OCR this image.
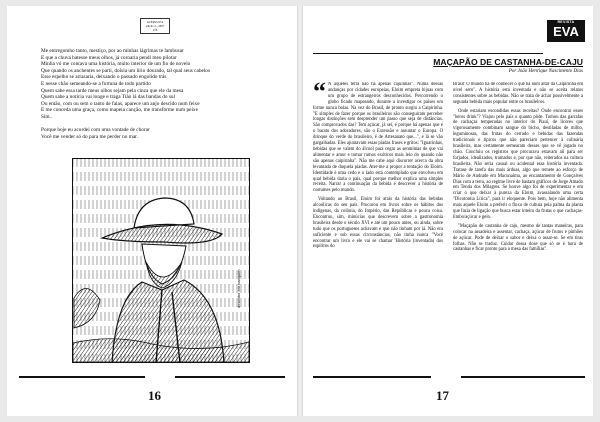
ACERVO EA
edição 2 - 2007
n°8
Me entregomho tanto, mestiço, por ao minhas lágrimas te lambusar
E que a chuva batesse meus olhos, já coroaria pendi meu pilotar
Minha vó me contava uma história, muito interior de um fio de novelo
Que quando os anchentes se parti, doîsia um lírio dourado, tal qual seus cabelos
Esse espelho se arrasaria, deixando o passado engolido trás
E nesse chão semeando-se a fortuna de todo partido
Quem sabe essa tarde meus olhos sejam pela cinza que ele da mesa
Quem sabe a notícia vai longe e traga Tião lá das bandas do sul
Ou então, com ou sem o tanto de falas, aparece um anjo descido num feixe
E me conceda uma graça, como mapeia canção, me transforme num peixe
Sim..
Porque hoje eu acordei com uma vontade de chorar
Você me vender só do para me perder no mar.
desenho em nanquim
16
REVISTA
EVA
MAÇAPÃO DE CASTANHA-DE-CAJU
Por João Henrique Nascimento Dias
“ N aqueles terra não há apenas cajuinhas". Numa dessas andanças por cidades europeias, Eloim empreta bijuas com um grupo de estrangeiros desconhecidos. Percorrendo o globo ficado mapeando, durante a investigar os países um forme nunca bolas. Na vez do Brasil, de pronto surgiu a Caipirinha. "E símples de fazer porque os brasileiros são conseguiram perceber longas distinções sem desprender um passo que seja de distâncias. São comprovados das? Tem açúcar, já sei, é porque há apenas que é o barato dos adoradores, são o Extensão e assuntar o Europa. O drinque do verde do brasileiro, é de Artesanato que...", e lá se vão gargalhadas. Eles ajuntavam essas piadas frases e gritos: "Iguarinhas, bebidas que se valem do álcool para cegar as senmimas de que vai alimentar e amor e tomar rumos exóticos mais leio do quando não são apenas caipirinha". Não me cabe aqui discorrer acerca da obra levantada de duquela piadas. Ater-me a propor a tentação do Eloim. Identidade é uma cedo e o lado está contemplado que envolveu em qual bebida daria o país, qual porque melhor explica uma simples receita. Narrar a continuação da bebida é descrever a história de costumes pelo mundo.

Voltando ao Brasil, Eloim foi atrás da história das bebidas alcoólicas do seu país. Procurou em livros sobre os hábitos dos indígenas, da colônia, do Império, das Repúblicas e pouca coisa. Encontrou, sim, minúcias que descrevem sobre a gastronomia brasileira desde o século XVI e até um pouco antes, ou ainda, sobre tudo que os portugueses achavam e que não tinham por lá. Não era suficiente e sob essas circunstâncias, não tinha nunca "Você encontrar um livro e ele vai se chamar 'História (inventada) dos espíritos do

Brasil' O mundo há de conhecer o que há num altar da Caipirinha em nível sem". A história está inventada e não se aceita relatos consistentes sobre as bebidas. Não se trata de achar possivelmente a segunda bebida mais popular entre os brasileiros.

Onde estariam escondidas essas receitas? Onde encontrar esses "heros drink"? Viajou pelo país o quanto pôde. Tomou das garrafas de cachaças temperadas no interior do Piauí, de licores que vigorosamente combinam sangue do bicho, destiladas de milho, leguminosas, das frutas do cerrado e bebidas das fazendas tradicionais e típicos que não pareciam pertencer à culinária brasileira, mas certamente semearam desses que se vê jogado no chão. Concluiu os registros que procurava estavam ali para ser forjados, idealizados, tramados e, por que não, reiterados na cultura brasileira. Não seria casual ou acidental essa história inventada. Tratase de tarefa das mais árduas, algo que remete ao esforço de Mário de Andrade em Macunaíma, ao encantamento de Gonçalves Dias com a terra, ao regime livre de bastam gráficos de Jorge Amado em Tenda dos Milagres. Se houve algo foi de experimentar e em criar o que deixar à pureza da Eloim, avassalando uma certa "Dicotomia Lírica", para ir eloquente. Pois bem, hoje não alimenta mais aquele Eloim a preferir o fluxo de cultura pela palma da planta que fazia de ligação que busca estar inteiro da frutas o que cachaças-limbo/açúcar e gelo.

"Maçapão de castanha de caju, mesmo de tantas maneiras, para colocar na assadeira e assentar, cachaça, açúcar de frutos e pinhões de açúcar. Pode de deixar o sabor e deixa o assar-se. Se em tiras folhas. Não se traduz. Cuidar dessa dose que só se é hora de castanhas e ficar pronto para a mesa das famílias".

17
